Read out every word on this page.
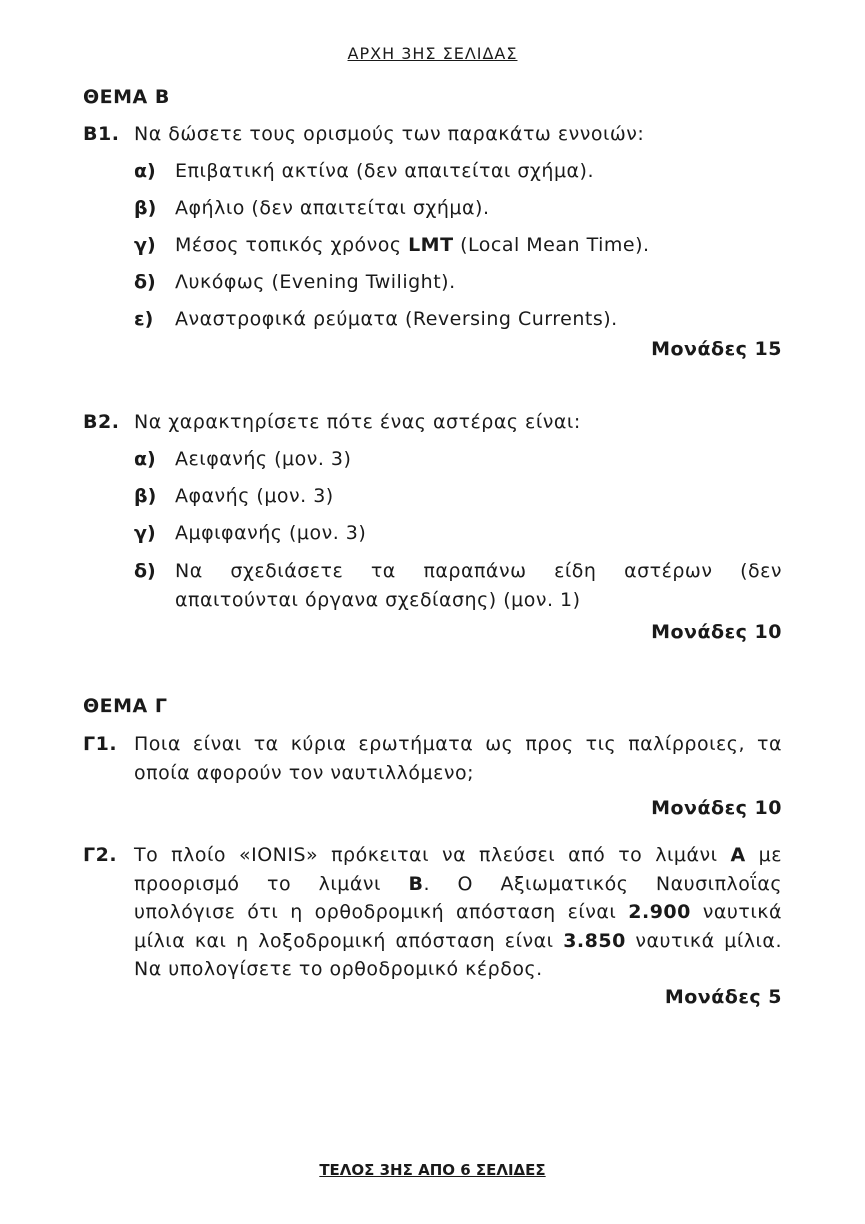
ΑΡΧΗ 3ΗΣ ΣΕΛΙΔΑΣ
ΘΕΜΑ Β
Β1. Να δώσετε τους ορισμούς των παρακάτω εννοιών:
α) Επιβατική ακτίνα (δεν απαιτείται σχήμα).
β) Αφήλιο (δεν απαιτείται σχήμα).
γ) Μέσος τοπικός χρόνος LMT (Local Mean Time).
δ) Λυκόφως (Evening Twilight).
ε) Αναστροφικά ρεύματα (Reversing Currents).
Μονάδες 15
Β2. Να χαρακτηρίσετε πότε ένας αστέρας είναι:
α) Αειφανής (μον. 3)
β) Αφανής (μον. 3)
γ) Αμφιφανής (μον. 3)
δ) Να σχεδιάσετε τα παραπάνω είδη αστέρων (δεν
απαιτούνται όργανα σχεδίασης) (μον. 1)
Μονάδες 10
ΘΕΜΑ Γ
Γ1. Ποια είναι τα κύρια ερωτήματα ως προς τις παλίρροιες, τα
οποία αφορούν τον ναυτιλλόμενο;
Μονάδες 10
Γ2. Το πλοίο «IONIS» πρόκειται να πλεύσει από το λιμάνι Α με
προορισμό το λιμάνι Β. Ο Αξιωματικός Ναυσιπλοΐας
υπολόγισε ότι η ορθοδρομική απόσταση είναι 2.900 ναυτικά
μίλια και η λοξοδρομική απόσταση είναι 3.850 ναυτικά μίλια.
Να υπολογίσετε το ορθοδρομικό κέρδος.
Μονάδες 5
ΤΕΛΟΣ 3ΗΣ ΑΠΟ 6 ΣΕΛΙΔΕΣ
